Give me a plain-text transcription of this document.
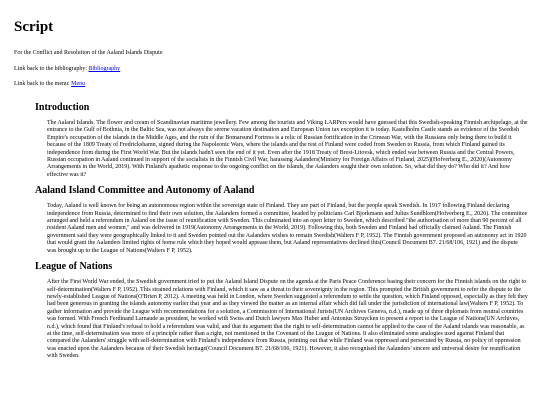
Script

For the Conflict and Resolution of the Aaland Islands Dispute

Link back to the bibliography: Bibliography

Link back to the menu: Menu

Introduction

The Aaland Islands. The flower and cream of Scandinavian maritime jewellery. Few among the tourists and Viking LARPers would have guessed that this Swedish-speaking Finnish archipelago, at the entrance to the Gulf of Bothnia, in the Baltic Sea, was not always the serene vacation destination and European Union tax exception it is today. Kastelholm Castle stands as evidence of the Swedish Empire's occupation of the islands in the Middle Ages, and the ruin of the Bomarsund Fortress is a relic of Russian fortification in the Crimean War, with the Russians only being there to build it because of the 1809 Treaty of Fredrickshamn, signed during the Napoleonic Wars, where the islands and the rest of Finland were coded from Sweden to Russia, from which Finland gained its independence from during the First World War. But the islands hadn't seen the end of it yet. Even after the 1918 Treaty of Brest-Litovsk, which ended war between Russia and the Central Powers, Russian occupation in Aaland continued in support of the socialists in the Finnish Civil War, harassing Aalanders(Ministry for Foreign Affairs of Finland, 2025)(Hofverberg E., 2020)(Autonomy Arrangements in the World, 2019). With Finland's apathetic response to the ongoing conflict on the islands, the Aalanders sought their own solution. So, what did they do? Who did it? And how effective was it?

Aaland Island Committee and Autonomy of Aaland

Today, Aaland is well known for being an autonomous region within the sovereign state of Finland. They are part of Finland, but the people speak Swedish. In 1917 following Finland declaring independence from Russia, determined to find their own solution, the Aalanders formed a committee, headed by politicians Carl Bjorkmann and Julius Sundblom(Hofverberg E., 2020). The committee arranged and held a referendum in Aaland on the issue of reunification with Sweden. This culminated into an open letter to Sweden, which described "the authorisation of more than 90 percent of all resident Aaland men and women," and was delivered in 1919(Autonomy Arrangements in the World, 2019). Following this, both Sweden and Finland had officially claimed Aaland. The Finnish government said they were geographically linked to it and Sweden pointed out the Aalanders wishes to remain Swedish(Walters F P, 1952). The Finnish government proposed an autonomy act in 1920 that would grant the Aalanders limited rights of home rule which they hoped would appease them, but Aaland representatives declined this(Council Document B7. 21/68/106, 1921) and the dispute was brought up to the League of Nations(Walters F P, 1952).

League of Nations

After the First World War ended, the Swedish government tried to put the Aaland Island Dispute on the agenda at the Paris Peace Conference basing their concern for the Finnish islands on the right to self-determination(Walters F P, 1952). This strained relations with Finland, which it saw as a threat to their sovereignty in the region. This prompted the British government to refer the dispute to the newly-established League of Nations(O'Brien P, 2012). A meeting was held in London, where Sweden suggested a referendum to settle the question, which Finland opposed, especially as they felt they had been generous in granting the islands autonomy earlier that year and as they viewed the matter as an internal affair which did fall under the jurisdiction of international law(Walters F P, 1952). To gather information and provide the League with recommendations for a solution, a Commission of International Jurists(UN Archives Geneva, n.d.), made up of three diplomats from neutral countries was formed. With French Ferdinand Larnaude as president, he worked with Swiss and Dutch lawyers Max Huber and Antonius Struycken to present a report to the League of Nations(UN Archives, n.d.), which found that Finland's refusal to hold a referendum was valid, and that its argument that the right to self-determination cannot be applied to the case of the Aaland islands was reasonable, as at the time, self-determination was more of a principle rather than a right, not mentioned in the Covenant of the League of Nations. It also eliminated some analogies used against Finland that compared the Aalanders' struggle with self-determination with Finland's independence from Russia, pointing out that while Finland was oppressed and persecuted by Russia, no policy of oppression was enacted upon the Aalanders because of their Swedish heritage(Council Document B7. 21/68/106, 1921). However, it also recognised the Aalanders' sincere and universal desire for reunification with Sweden.
